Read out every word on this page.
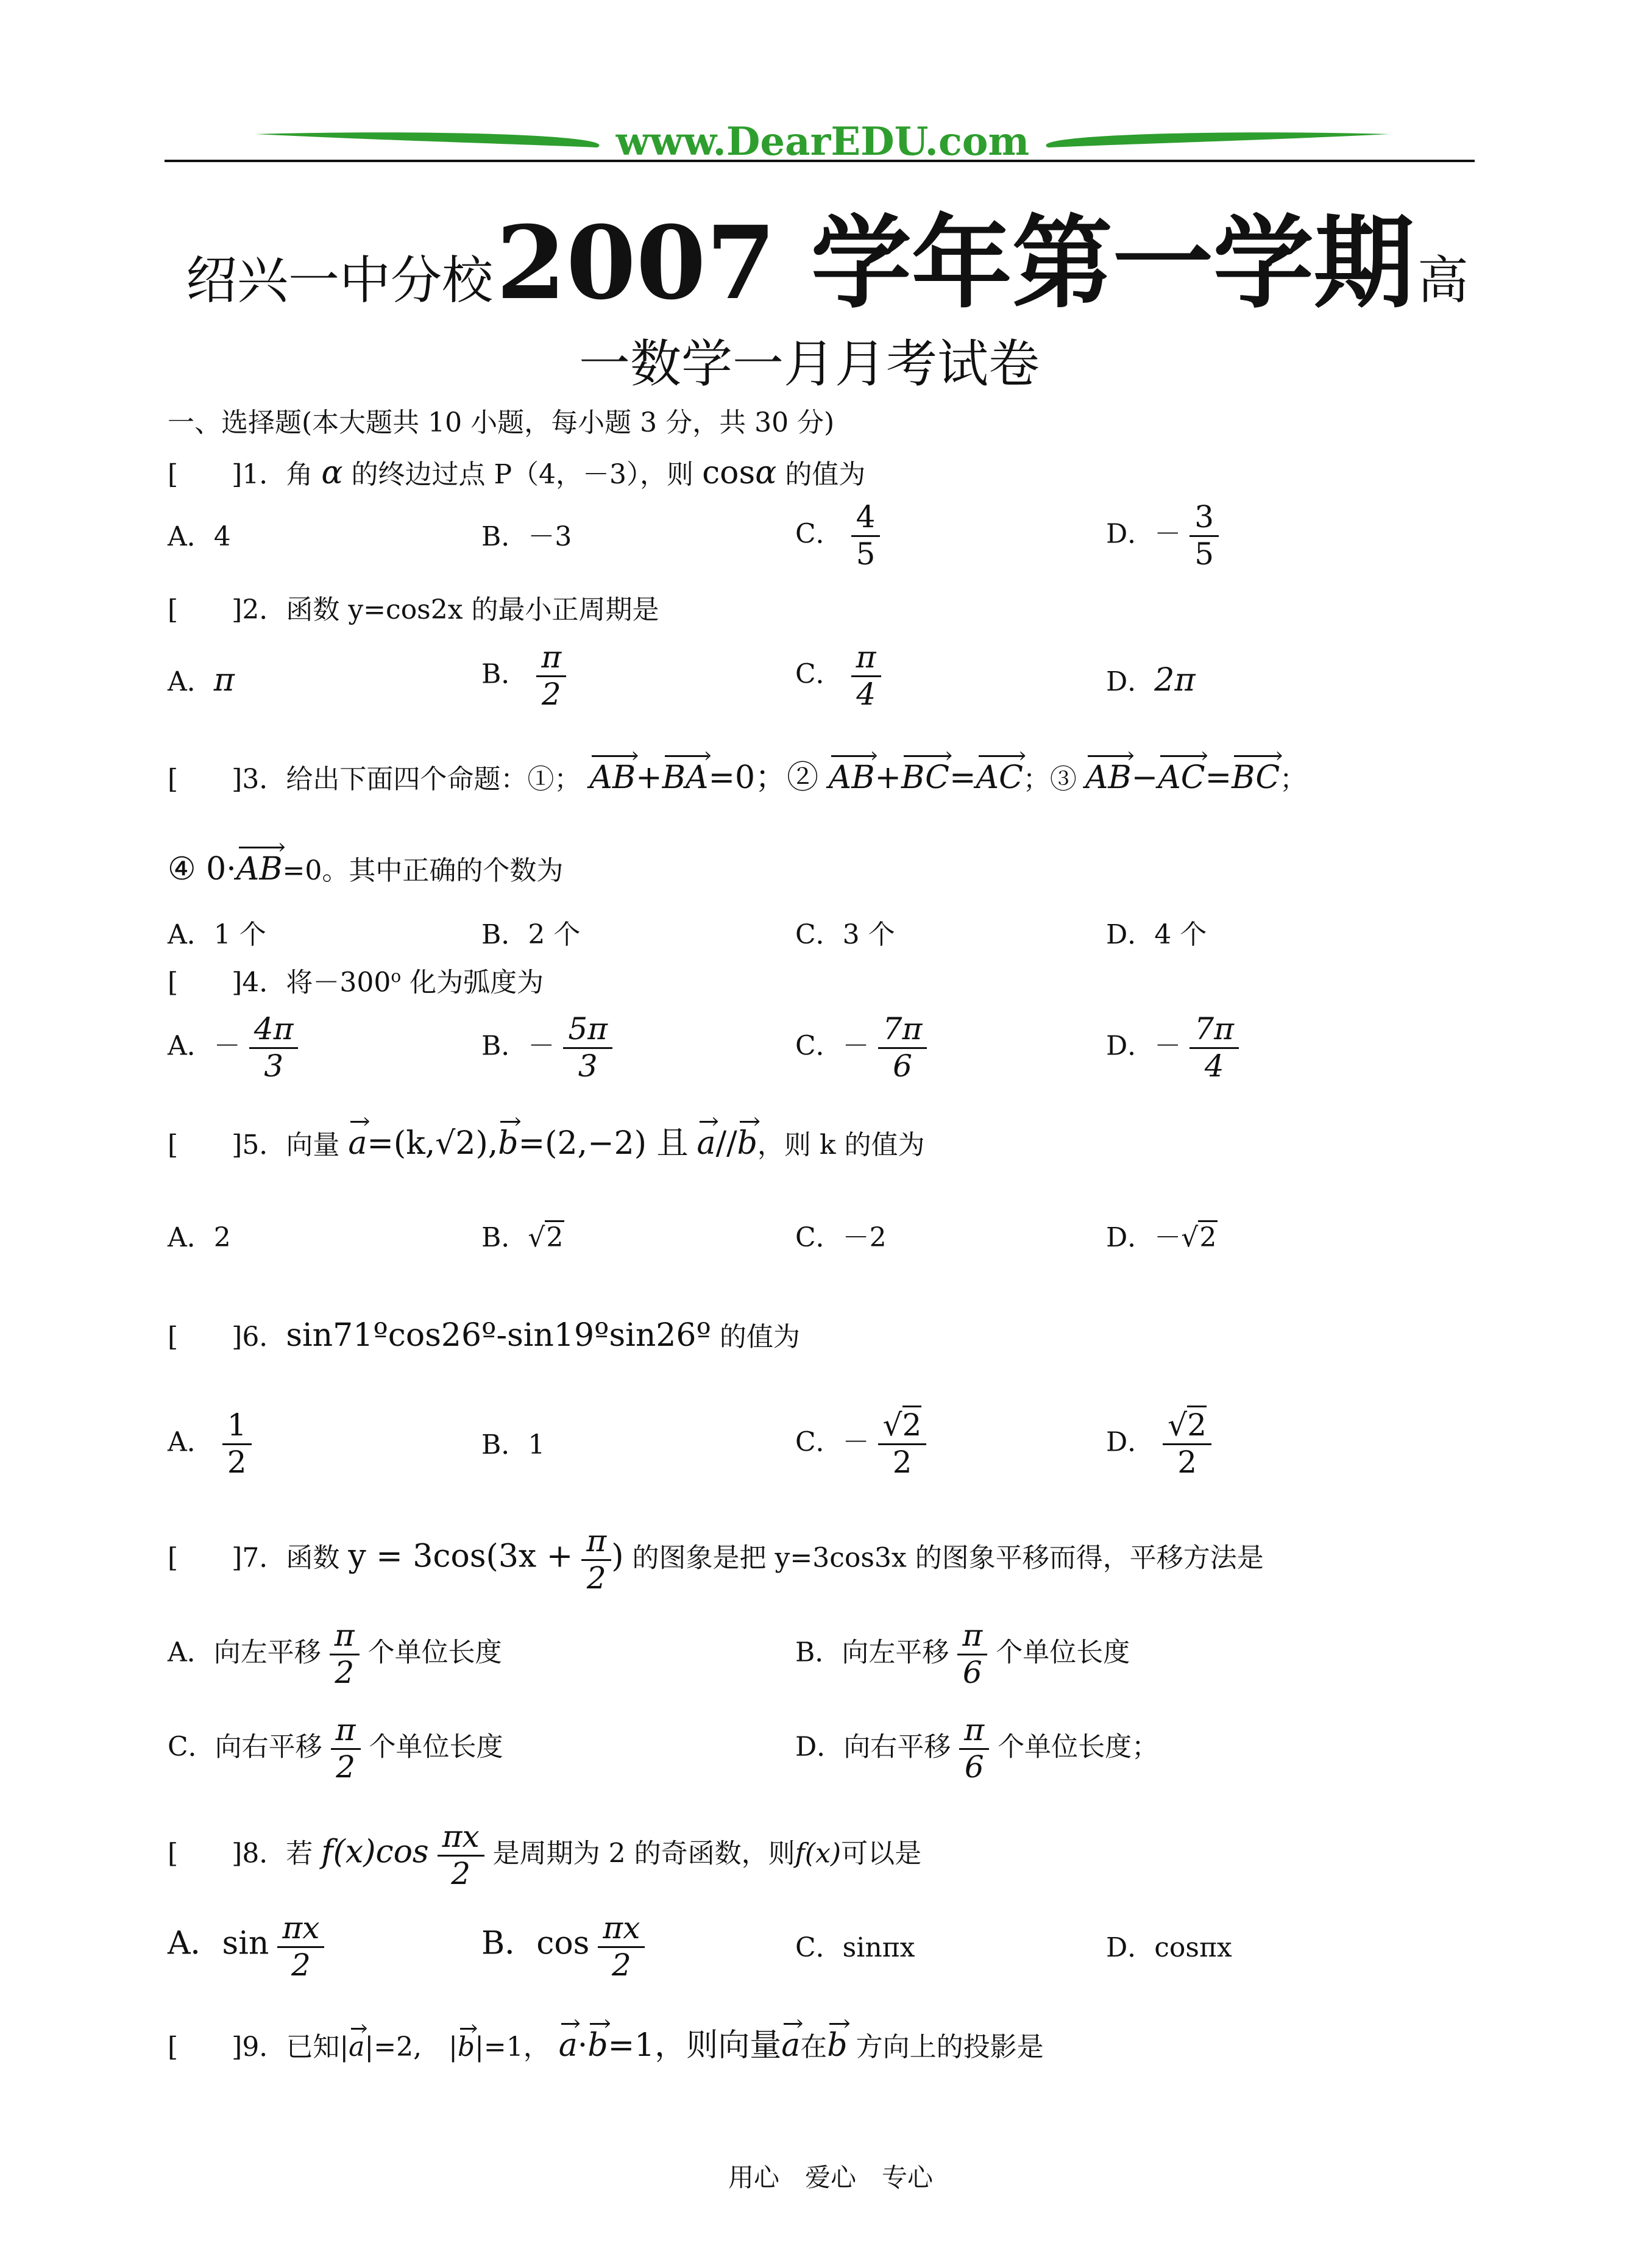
www.DearEDU.com
绍兴一中分校 2007 学年第一学期 高
一数学一月月考试卷
一、选择题(本大题共 10 小题，每小题 3 分，共 30 分)
[ ]1．角 α 的终边过点 P（4，－3），则 cosα 的值为
A．4	B．－3	C． $\frac{4}{5}$	D．－ $\frac{3}{5}$
[ ]2．函数 y=cos2x 的最小正周期是
A．π	B． $\frac{\pi}{2}$	C． $\frac{\pi}{4}$	D．2π
[ ]3．给出下面四个命题：①； AB ›+BA ›=0；② AB ›+BC ›=AC ›；③ AB ›−AC ›=BC ›；
④ 0·AB ›=0。其中正确的个数为
A．1 个	B．2 个	C．3 个	D．4 个
[ ]4．将$-300^o$ 化为弧度为
A．－ $\frac{4\pi}{3}$	B．－ $\frac{5\pi}{3}$	C．－ $\frac{7\pi}{6}$	D．－ $\frac{7\pi}{4}$
[ ]5．向量 a ›=(k,√2),b ›=(2,−2) 且 a ›//b ›，则 k 的值为
A．2	B．√2	C．－2	D．－√2
[ ]6．sin71ºcos26º-sin19ºsin26º 的值为
A． $\frac{1}{2}$	B．1	C．－ $\frac{√2}{2}$	D． $\frac{√2}{2}$
[ ]7．函数 $y = 3\cos(3x + \frac{\pi}{2}$ ) 的图象是把 y=3cos3x 的图象平移而得，平移方法是
A．向左平移 $\frac{\pi}{2}$ 个单位长度	B．向左平移 $\frac{\pi}{6}$ 个单位长度
C．向右平移 $\frac{\pi}{2}$ 个单位长度	D．向右平移 $\frac{\pi}{6}$ 个单位长度；
[ ]8．若 $f(x)\cos \frac{\pi x}{2}$ 是周期为 2 的奇函数，则f(x)可以是
A．$\sin \frac{\pi x}{2}$	B．$\cos \frac{\pi x}{2}$	C．sinπx	D．cosπx
[ ]9．已知|a ›|=2,　|b ›|=1， a ›·b ›=1，则向量a ›在b › 方向上的投影是
用心　爱心　专心
